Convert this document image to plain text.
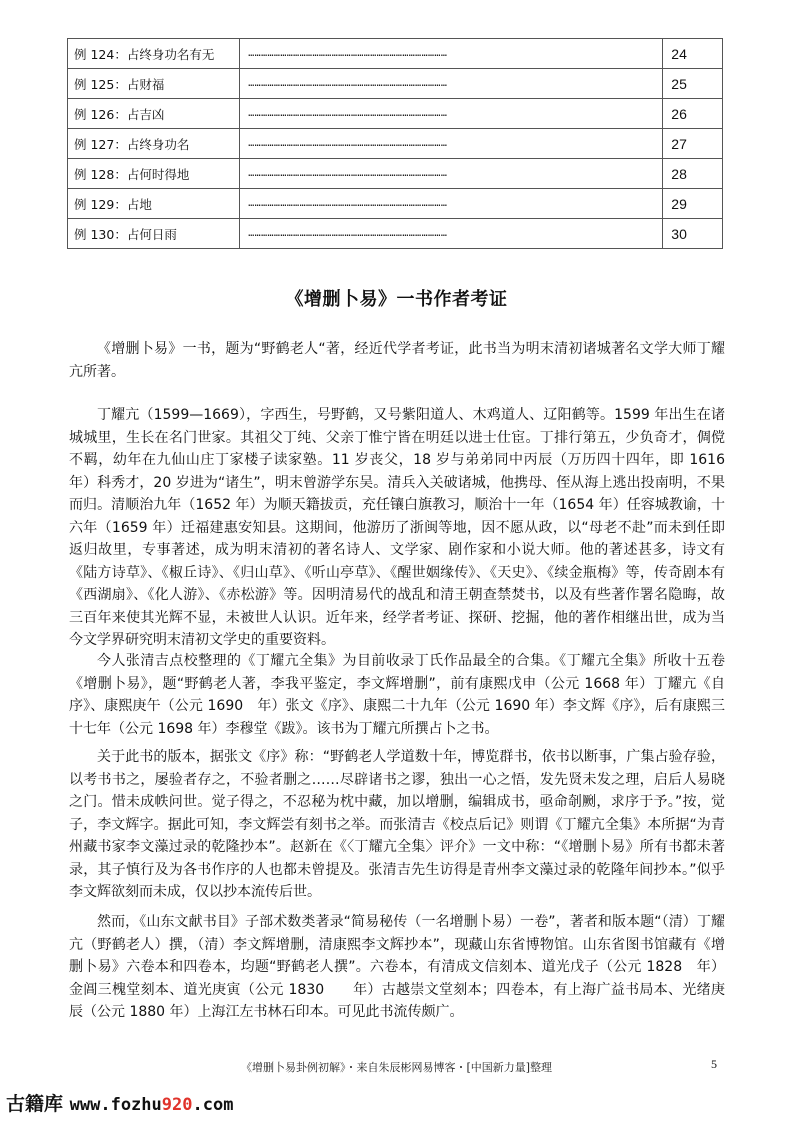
例 124：占终身功名有无	…………………………………………………………………………………	24
例 125：占财福	…………………………………………………………………………………	25
例 126：占吉凶	…………………………………………………………………………………	26
例 127：占终身功名	…………………………………………………………………………………	27
例 128：占何时得地	…………………………………………………………………………………	28
例 129：占地	…………………………………………………………………………………	29
例 130：占何日雨	…………………………………………………………………………………	30
《增删卜易》一书作者考证
《增删卜易》一书，题为“野鹤老人“著，经近代学者考证，此书当为明末清初诸城著名文学大师丁耀亢所著。
丁耀亢（1599—1669），字西生，号野鹤，又号紫阳道人、木鸡道人、辽阳鹤等。1599 年出生在诸城城里，生长在名门世家。其祖父丁纯、父亲丁惟宁皆在明廷以进士仕宦。丁排行第五，少负奇才，倜傥不羁，幼年在九仙山庄丁家楼子读家塾。11 岁丧父，18 岁与弟弟同中丙辰（万历四十四年，即 1616 年）科秀才，20 岁进为“诸生”，明末曾游学东吴。清兵入关破诸城，他携母、侄从海上逃出投南明，不果而归。清顺治九年（1652 年）为顺天籍拔贡，充任镶白旗教习，顺治十一年（1654 年）任容城教谕，十六年（1659 年）迁福建惠安知县。这期间，他游历了浙闽等地，因不愿从政，以“母老不赴”而未到任即返归故里，专事著述，成为明末清初的著名诗人、文学家、剧作家和小说大师。他的著述甚多，诗文有《陆方诗草》、《椒丘诗》、《归山草》、《听山亭草》、《醒世姻缘传》、《天史》、《续金瓶梅》等，传奇剧本有《西湖扇》、《化人游》、《赤松游》等。因明清易代的战乱和清王朝查禁焚书，以及有些著作署名隐晦，故三百年来使其光辉不显，未被世人认识。近年来，经学者考证、探研、挖掘，他的著作相继出世，成为当今文学界研究明末清初文学史的重要资料。
今人张清吉点校整理的《丁耀亢全集》为目前收录丁氏作品最全的合集。《丁耀亢全集》所收十五卷《增删卜易》，题“野鹤老人著，李我平鉴定，李文辉增删”，前有康熙戊申（公元 1668 年）丁耀亢《自序》、康熙庚午（公元 1690　年）张文《序》、康熙二十九年（公元 1690 年）李文辉《序》，后有康熙三十七年（公元 1698 年）李穆堂《跋》。该书为丁耀亢所撰占卜之书。
关于此书的版本，据张文《序》称：“野鹤老人学道数十年，博览群书，依书以断事，广集占验存验，以考书书之，屡验者存之，不验者删之……尽辟诸书之谬，独出一心之悟，发先贤未发之理，启后人易晓之门。惜未成帙问世。觉子得之，不忍秘为枕中藏，加以增删，编辑成书，亟命剞劂，求序于予。”按，觉子，李文辉字。据此可知，李文辉尝有刻书之举。而张清吉《校点后记》则谓《丁耀亢全集》本所据“为青州藏书家李文藻过录的乾隆抄本”。赵新在《〈丁耀亢全集〉评介》一文中称：“《增删卜易》所有书都未著录，其子慎行及为各书作序的人也都未曾提及。张清吉先生访得是青州李文藻过录的乾隆年间抄本。”似乎李文辉欲刻而未成，仅以抄本流传后世。
然而，《山东文献书目》子部术数类著录“简易秘传（一名增删卜易）一卷”，著者和版本题“（清）丁耀亢（野鹤老人）撰，（清）李文辉增删，清康熙李文辉抄本”，现藏山东省博物馆。山东省图书馆藏有《增删卜易》六卷本和四卷本，均题“野鹤老人撰”。六卷本，有清成文信刻本、道光戊子（公元 1828　年）金阊三槐堂刻本、道光庚寅（公元 1830　　年）古越崇文堂刻本；四卷本，有上海广益书局本、光绪庚辰（公元 1880 年）上海江左书林石印本。可见此书流传颇广。
《增删卜易卦例初解》・来自朱辰彬网易博客・[中国新力量]整理	5
古籍库 www.fozhu920.com
